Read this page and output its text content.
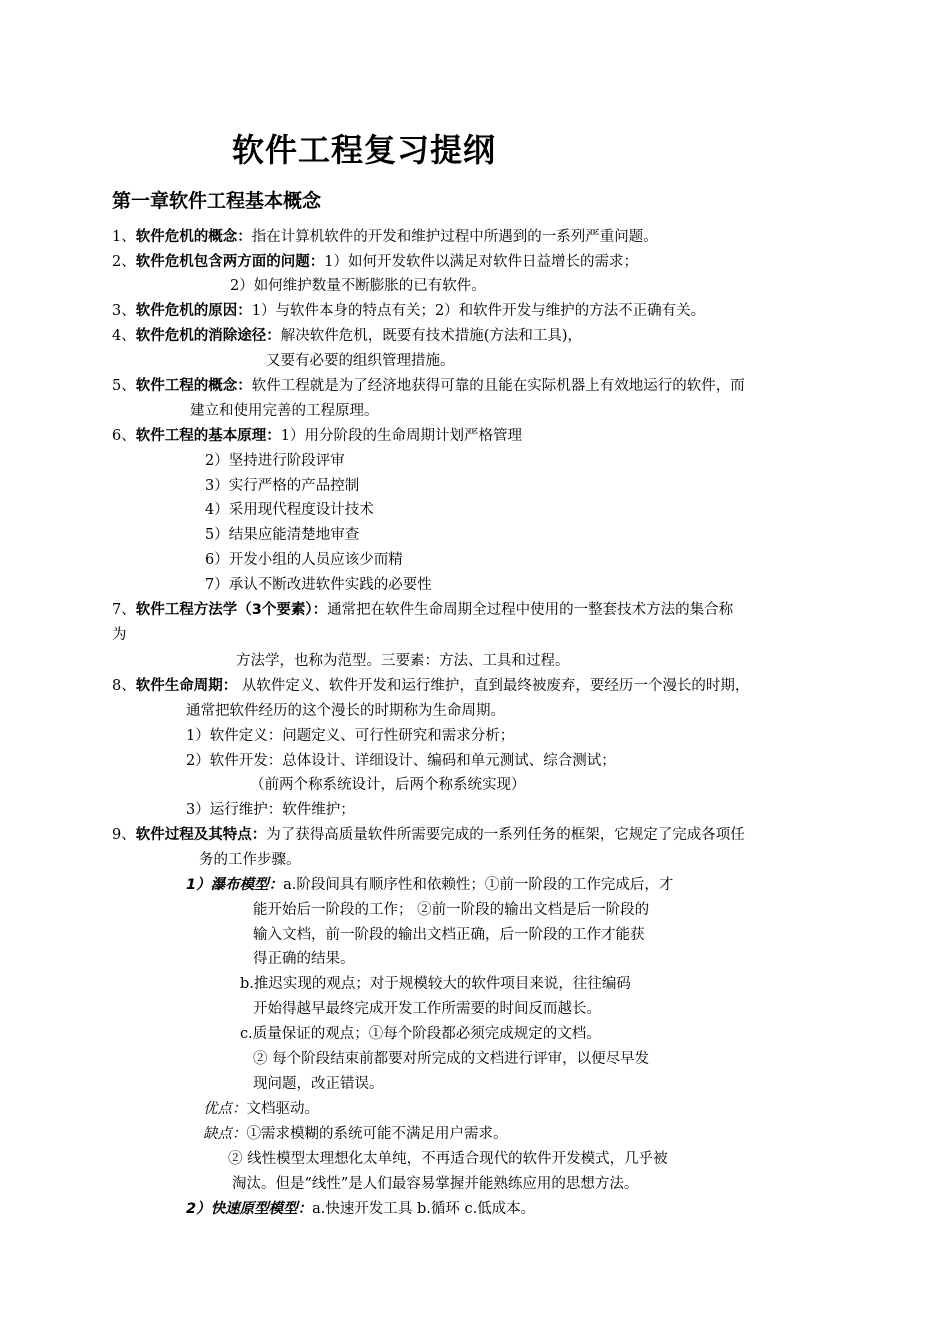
软件工程复习提纲
第一章软件工程基本概念
1、软件危机的概念：指在计算机软件的开发和维护过程中所遇到的一系列严重问题。
2、软件危机包含两方面的问题：1）如何开发软件以满足对软件日益增长的需求；
2）如何维护数量不断膨胀的已有软件。
3、软件危机的原因：1）与软件本身的特点有关；2）和软件开发与维护的方法不正确有关。
4、软件危机的消除途径：解决软件危机，既要有技术措施(方法和工具)，
又要有必要的组织管理措施。
5、软件工程的概念：软件工程就是为了经济地获得可靠的且能在实际机器上有效地运行的软件，而
建立和使用完善的工程原理。
6、软件工程的基本原理：1）用分阶段的生命周期计划严格管理
2）坚持进行阶段评审
3）实行严格的产品控制
4）采用现代程度设计技术
5）结果应能清楚地审查
6）开发小组的人员应该少而精
7）承认不断改进软件实践的必要性
7、软件工程方法学（3个要素）：通常把在软件生命周期全过程中使用的一整套技术方法的集合称
为
方法学，也称为范型。三要素：方法、工具和过程。
8、软件生命周期： 从软件定义、软件开发和运行维护，直到最终被废弃，要经历一个漫长的时期，
通常把软件经历的这个漫长的时期称为生命周期。
1）软件定义：问题定义、可行性研究和需求分析；
2）软件开发：总体设计、详细设计、编码和单元测试、综合测试；
（前两个称系统设计，后两个称系统实现）
3）运行维护：软件维护；
9、软件过程及其特点：为了获得高质量软件所需要完成的一系列任务的框架，它规定了完成各项任
务的工作步骤。
1）瀑布模型：a.阶段间具有顺序性和依赖性；①前一阶段的工作完成后，才
能开始后一阶段的工作； ②前一阶段的输出文档是后一阶段的
输入文档，前一阶段的输出文档正确，后一阶段的工作才能获
得正确的结果。
b.推迟实现的观点；对于规模较大的软件项目来说，往往编码
开始得越早最终完成开发工作所需要的时间反而越长。
c.质量保证的观点；①每个阶段都必须完成规定的文档。
② 每个阶段结束前都要对所完成的文档进行评审，以便尽早发
现问题，改正错误。
优点：文档驱动。
缺点：①需求模糊的系统可能不满足用户需求。
② 线性模型太理想化太单纯，不再适合现代的软件开发模式，几乎被
淘汰。但是“线性”是人们最容易掌握并能熟练应用的思想方法。
2）快速原型模型：a.快速开发工具 b.循环 c.低成本。
